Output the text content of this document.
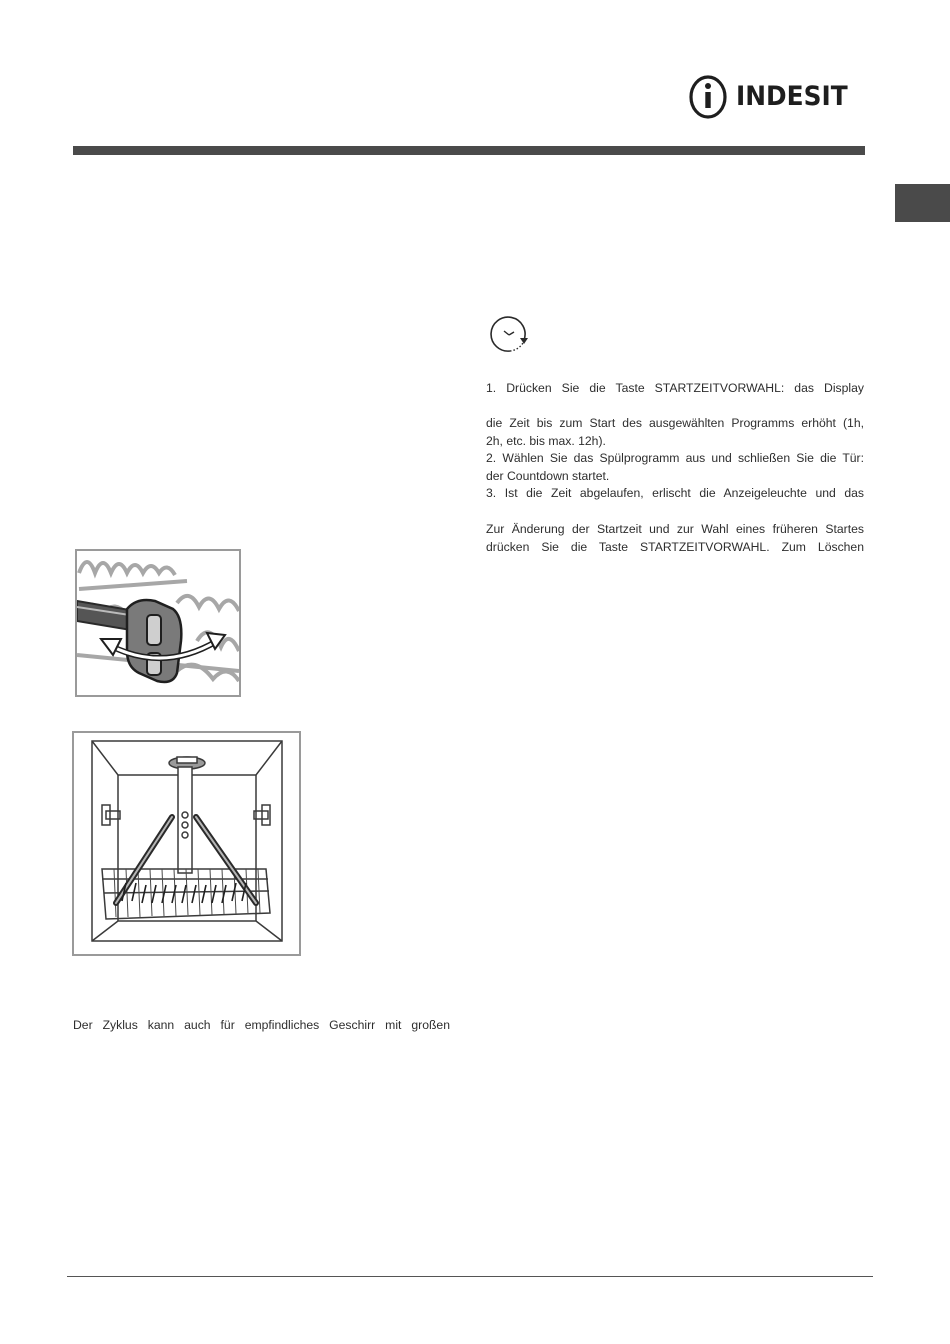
INDESIT
1. Drücken Sie die Taste STARTZEITVORWAHL: das Display
die Zeit bis zum Start des ausgewählten Programms erhöht (1h,
2h, etc. bis max. 12h).
2. Wählen Sie das Spülprogramm aus und schließen Sie die Tür:
der Countdown startet.
3. Ist die Zeit abgelaufen, erlischt die Anzeigeleuchte und das
Zur Änderung der Startzeit und zur Wahl eines früheren Startes
drücken Sie die Taste STARTZEITVORWAHL. Zum Löschen
Der Zyklus kann auch für empfindliches Geschirr mit großen
